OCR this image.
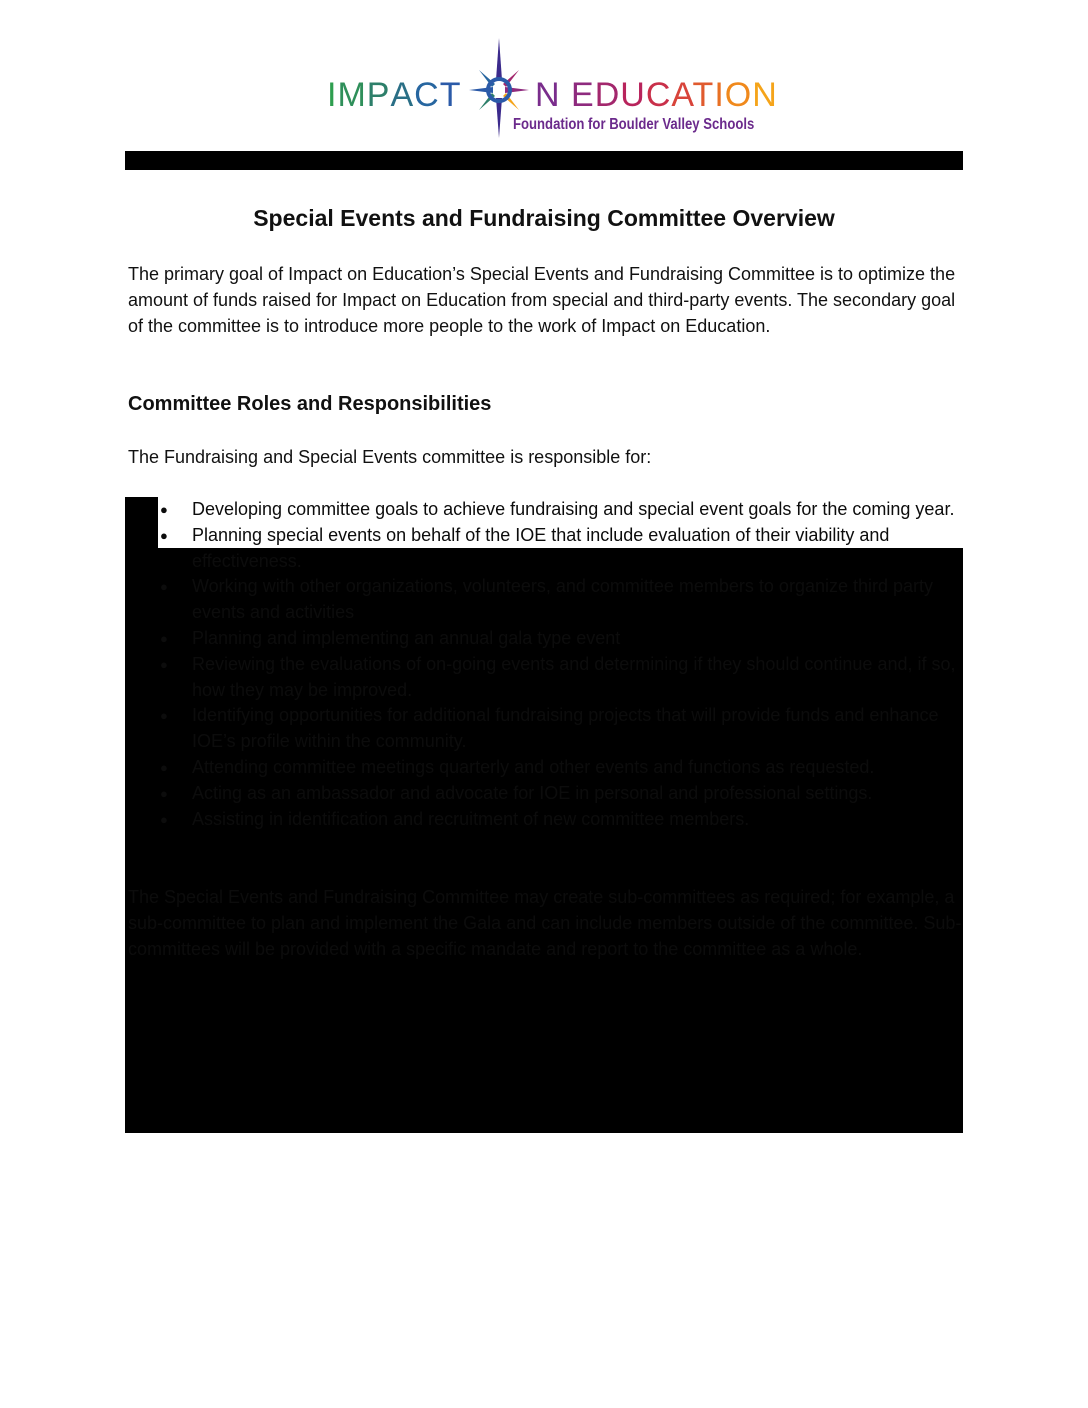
IMPACT N EDUCATION
Foundation for Boulder Valley Schools
Special Events and Fundraising Committee Overview

The primary goal of Impact on Education’s Special Events and Fundraising Committee is to optimize the amount of funds raised for Impact on Education from special and third-party events. The secondary goal of the committee is to introduce more people to the work of Impact on Education.

Committee Roles and Responsibilities

The Fundraising and Special Events committee is responsible for:

● Developing committee goals to achieve fundraising and special event goals for the coming year.
● Planning special events on behalf of the IOE that include evaluation of their viability and effectiveness.
● Working with other organizations, volunteers, and committee members to organize third party events and activities
● Planning and implementing an annual gala type event
● Reviewing the evaluations of on-going events and determining if they should continue and, if so, how they may be improved.
● Identifying opportunities for additional fundraising projects that will provide funds and enhance IOE’s profile within the community.
● Attending committee meetings quarterly and other events and functions as requested.
● Acting as an ambassador and advocate for IOE in personal and professional settings.
● Assisting in identification and recruitment of new committee members.

The Special Events and Fundraising Committee may create sub-committees as required; for example, a sub-committee to plan and implement the Gala and can include members outside of the committee. Sub-committees will be provided with a specific mandate and report to the committee as a whole.
